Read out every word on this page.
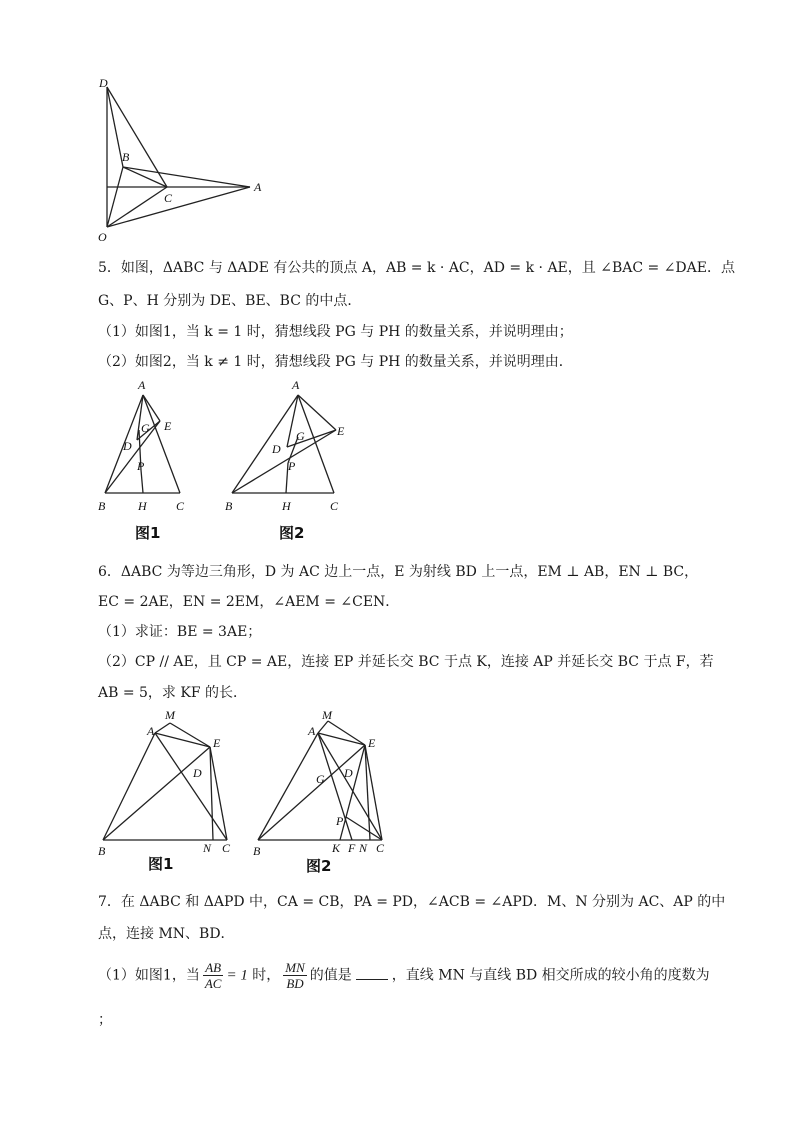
D
B
C
A
O
5．如图，ΔABC 与 ΔADE 有公共的顶点 A，AB = k · AC，AD = k · AE，且 ∠BAC = ∠DAE．点
G、P、H 分别为 DE、BE、BC 的中点．
（1）如图1，当 k = 1 时，猜想线段 PG 与 PH 的数量关系，并说明理由；
（2）如图2，当 k ≠ 1 时，猜想线段 PG 与 PH 的数量关系，并说明理由．
A
G E
D
P
B	H C
图1
A
G	E
D
P
B	H	C
图2
6．ΔABC 为等边三角形，D 为 AC 边上一点，E 为射线 BD 上一点，EM ⊥ AB，EN ⊥ BC，
EC = 2AE，EN = 2EM，∠AEM = ∠CEN．
（1）求证：BE = 3AE；
（2）CP // AE，且 CP = AE，连接 EP 并延长交 BC 于点 K，连接 AP 并延长交 BC 于点 F，若
AB = 5，求 KF 的长．
M
A
E
D
B	N C
图1
M
A
E
G D
P
B	K F N C
图2
7．在 ΔABC 和 ΔAPD 中，CA = CB，PA = PD，∠ACB = ∠APD．M、N 分别为 AC、AP 的中
点，连接 MN、BD．
（1）如图1，当 $\frac{AB}{AC} = 1$ 时， $\frac{MN}{BD}$ 的值是	，直线 MN 与直线 BD 相交所成的较小角的度数为
；
